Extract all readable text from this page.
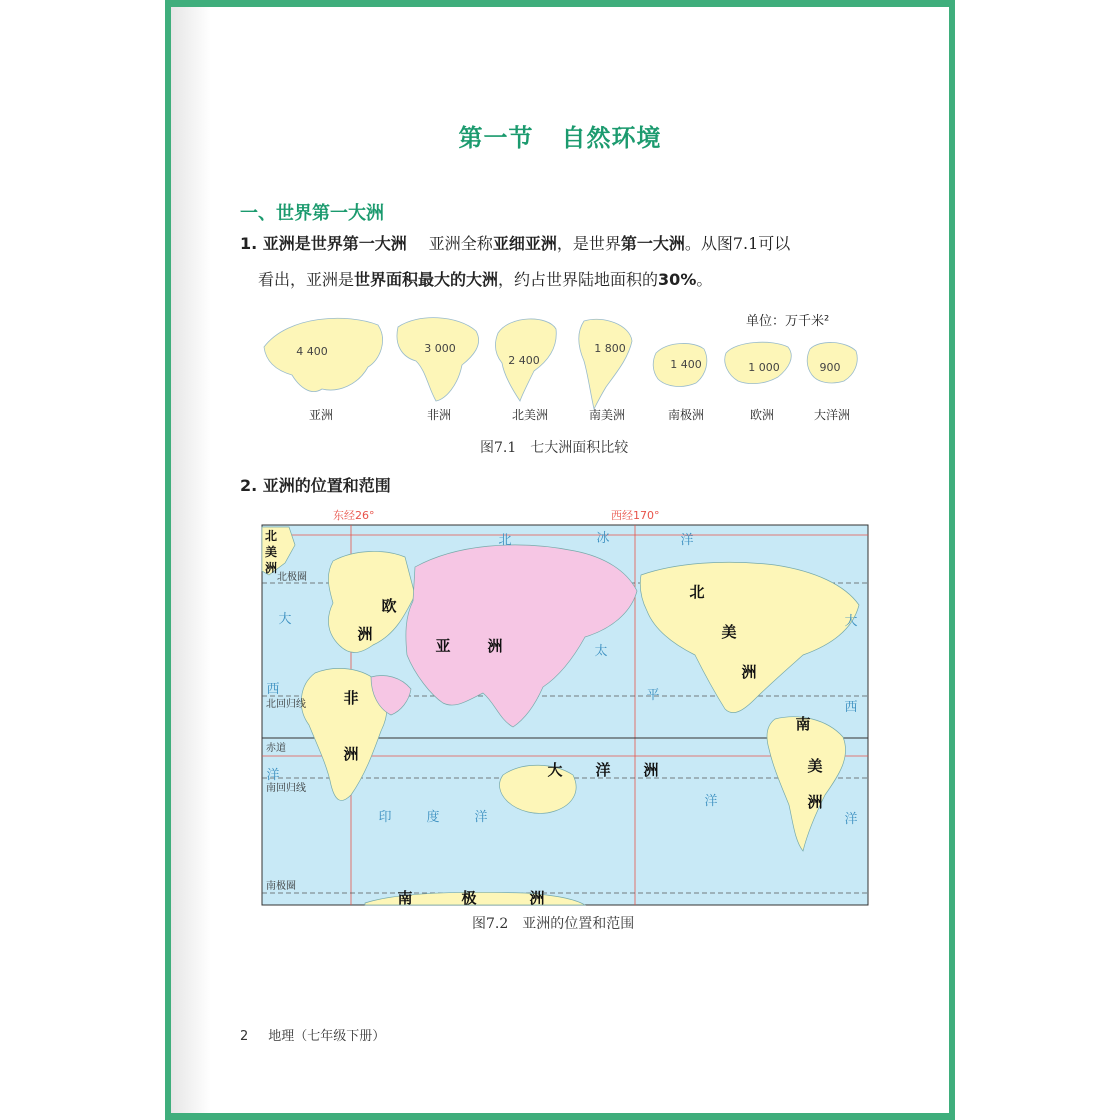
第一节 自然环境
一、世界第一大洲
1. 亚洲是世界第一大洲 亚洲全称亚细亚洲，是世界第一大洲。从图7.1可以
看出，亚洲是世界面积最大的大洲，约占世界陆地面积的30%。
单位：万千米²
4 400	3 000
2 400
1 800
1 400	1 000	900
亚洲	非洲	北美洲	南美洲	南极洲	欧洲	大洋洲
图7.1　七大洲面积比较
2. 亚洲的位置和范围
东经26°	西经170°
北极圈
北回归线
赤道
南回归线
南极圈
亚 洲
欧
洲
非
洲
北
美
洲
南
美
洲
大 洋 洲
南	极	洲
北
美
洲
北	冰	洋
太
平
洋
大
西
洋
大
西
洋
印	度	洋
图7.2　亚洲的位置和范围
2 地理（七年级下册）
